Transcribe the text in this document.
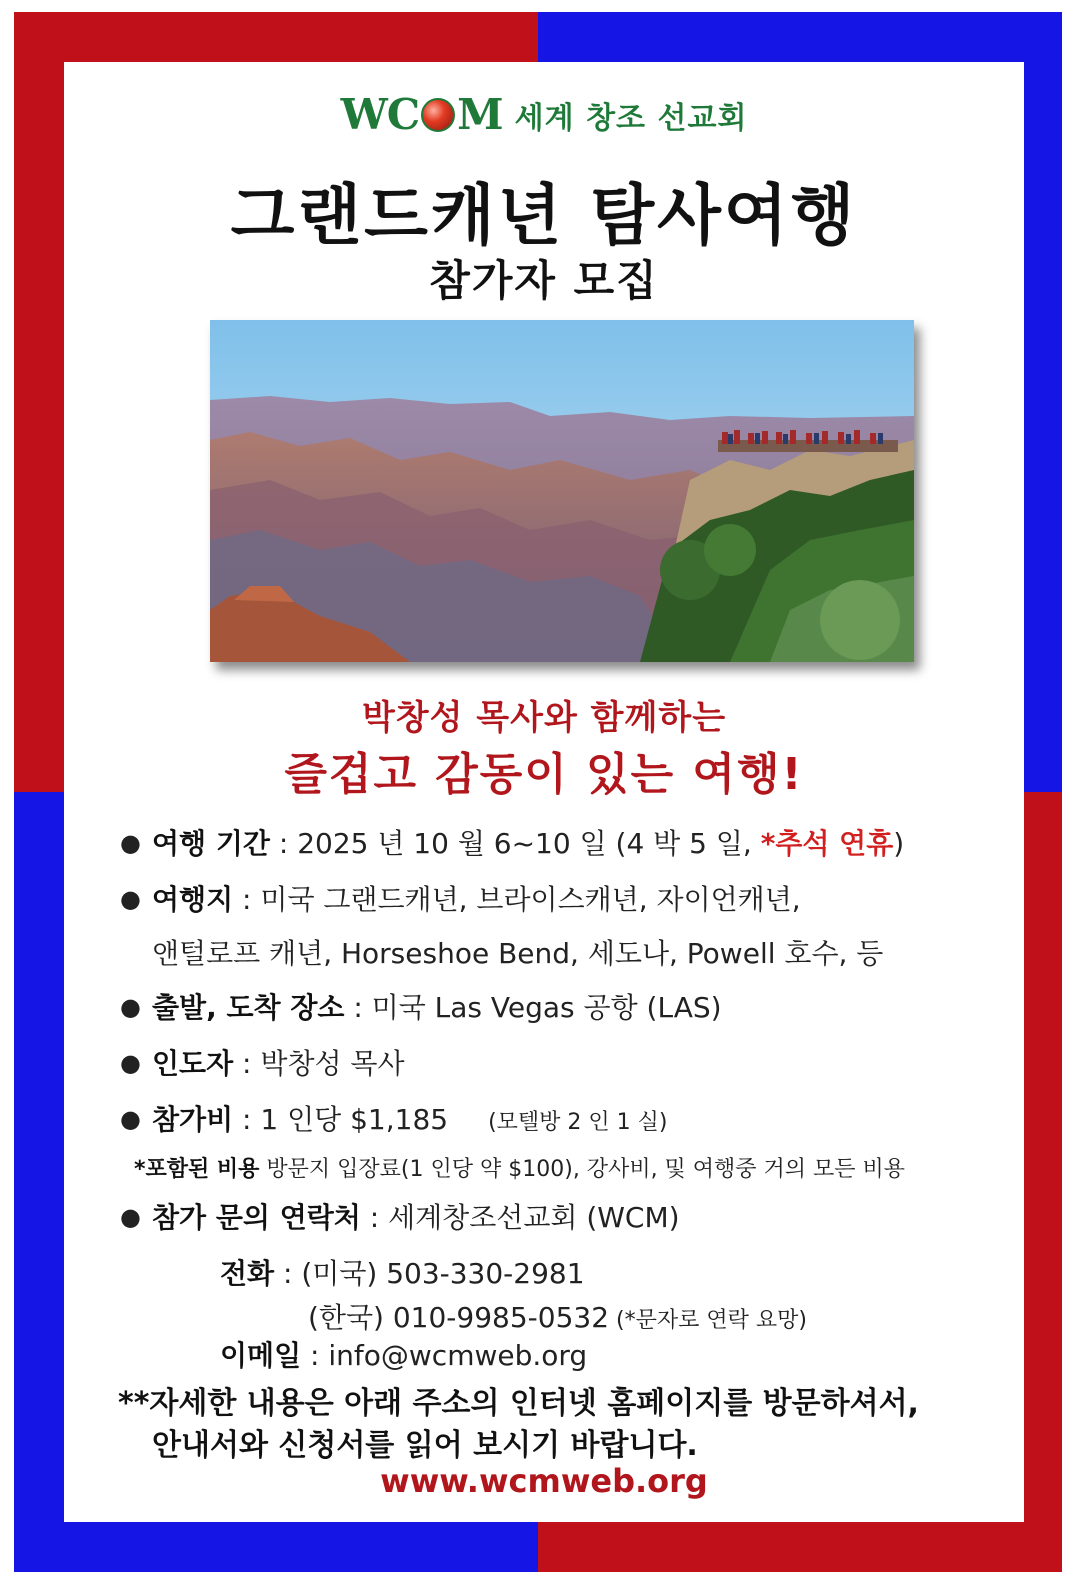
WC M 세계 창조 선교회
그랜드캐년 탐사여행
참가자 모집
박창성 목사와 함께하는
즐겁고 감동이 있는 여행!
● 여행 기간 : 2025 년 10 월 6~10 일 (4 박 5 일, *추석 연휴)
● 여행지 : 미국 그랜드캐년, 브라이스캐년, 자이언캐년,
앤털로프 캐년, Horseshoe Bend, 세도나, Powell 호수, 등
● 출발, 도착 장소 : 미국 Las Vegas 공항 (LAS)
● 인도자 : 박창성 목사
● 참가비 : 1 인당 $1,185 (모텔방 2 인 1 실)
*포함된 비용 방문지 입장료(1 인당 약 $100), 강사비, 및 여행중 거의 모든 비용
● 참가 문의 연락처 : 세계창조선교회 (WCM)
전화 : (미국) 503-330-2981
(한국) 010-9985-0532 (*문자로 연락 요망)
이메일 : info@wcmweb.org
**자세한 내용은 아래 주소의 인터넷 홈페이지를 방문하셔서,
안내서와 신청서를 읽어 보시기 바랍니다.
www.wcmweb.org
